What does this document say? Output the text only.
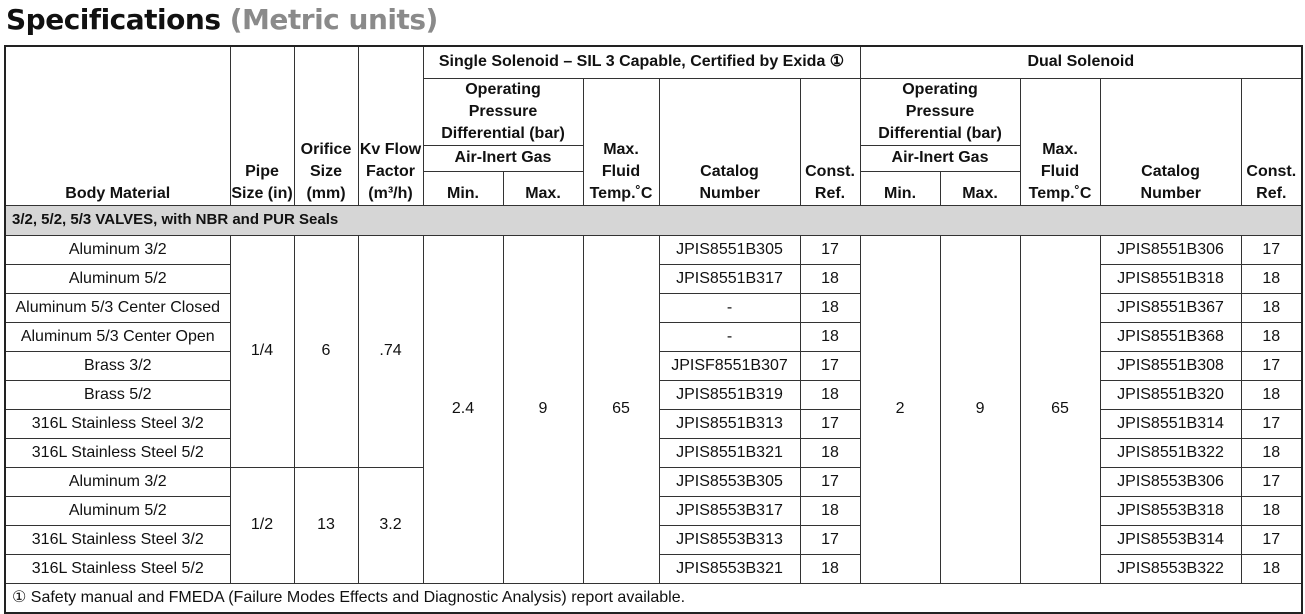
Specifications (Metric units)
Body Material	Pipe Size (in)	Orifice Size (mm)	Kv Flow Factor (m³/h)	Single Solenoid – SIL 3 Capable, Certified by Exida ①					Dual Solenoid				
				Operating Pressure Differential (bar)		Max. Fluid Temp.˚C	Catalog Number	Const. Ref.	Operating Pressure Differential (bar)		Max. Fluid Temp.˚C	Catalog Number	Const. Ref.
				Air-Inert Gas					Air-Inert Gas				
				Min.	Max.				Min.	Max.			
3/2, 5/2, 5/3 VALVES, with NBR and PUR Seals													
Aluminum 3/2	1/4	6	.74	2.4	9	65	JPIS8551B305	17	2	9	65	JPIS8551B306	17
Aluminum 5/2							JPIS8551B317	18				JPIS8551B318	18
Aluminum 5/3 Center Closed							-	18				JPIS8551B367	18
Aluminum 5/3 Center Open							-	18				JPIS8551B368	18
Brass 3/2							JPISF8551B307	17				JPIS8551B308	17
Brass 5/2							JPIS8551B319	18				JPIS8551B320	18
316L Stainless Steel 3/2							JPIS8551B313	17				JPIS8551B314	17
316L Stainless Steel 5/2							JPIS8551B321	18				JPIS8551B322	18
Aluminum 3/2	1/2	13	3.2				JPIS8553B305	17				JPIS8553B306	17
Aluminum 5/2							JPIS8553B317	18				JPIS8553B318	18
316L Stainless Steel 3/2							JPIS8553B313	17				JPIS8553B314	17
316L Stainless Steel 5/2							JPIS8553B321	18				JPIS8553B322	18
① Safety manual and FMEDA (Failure Modes Effects and Diagnostic Analysis) report available.													
